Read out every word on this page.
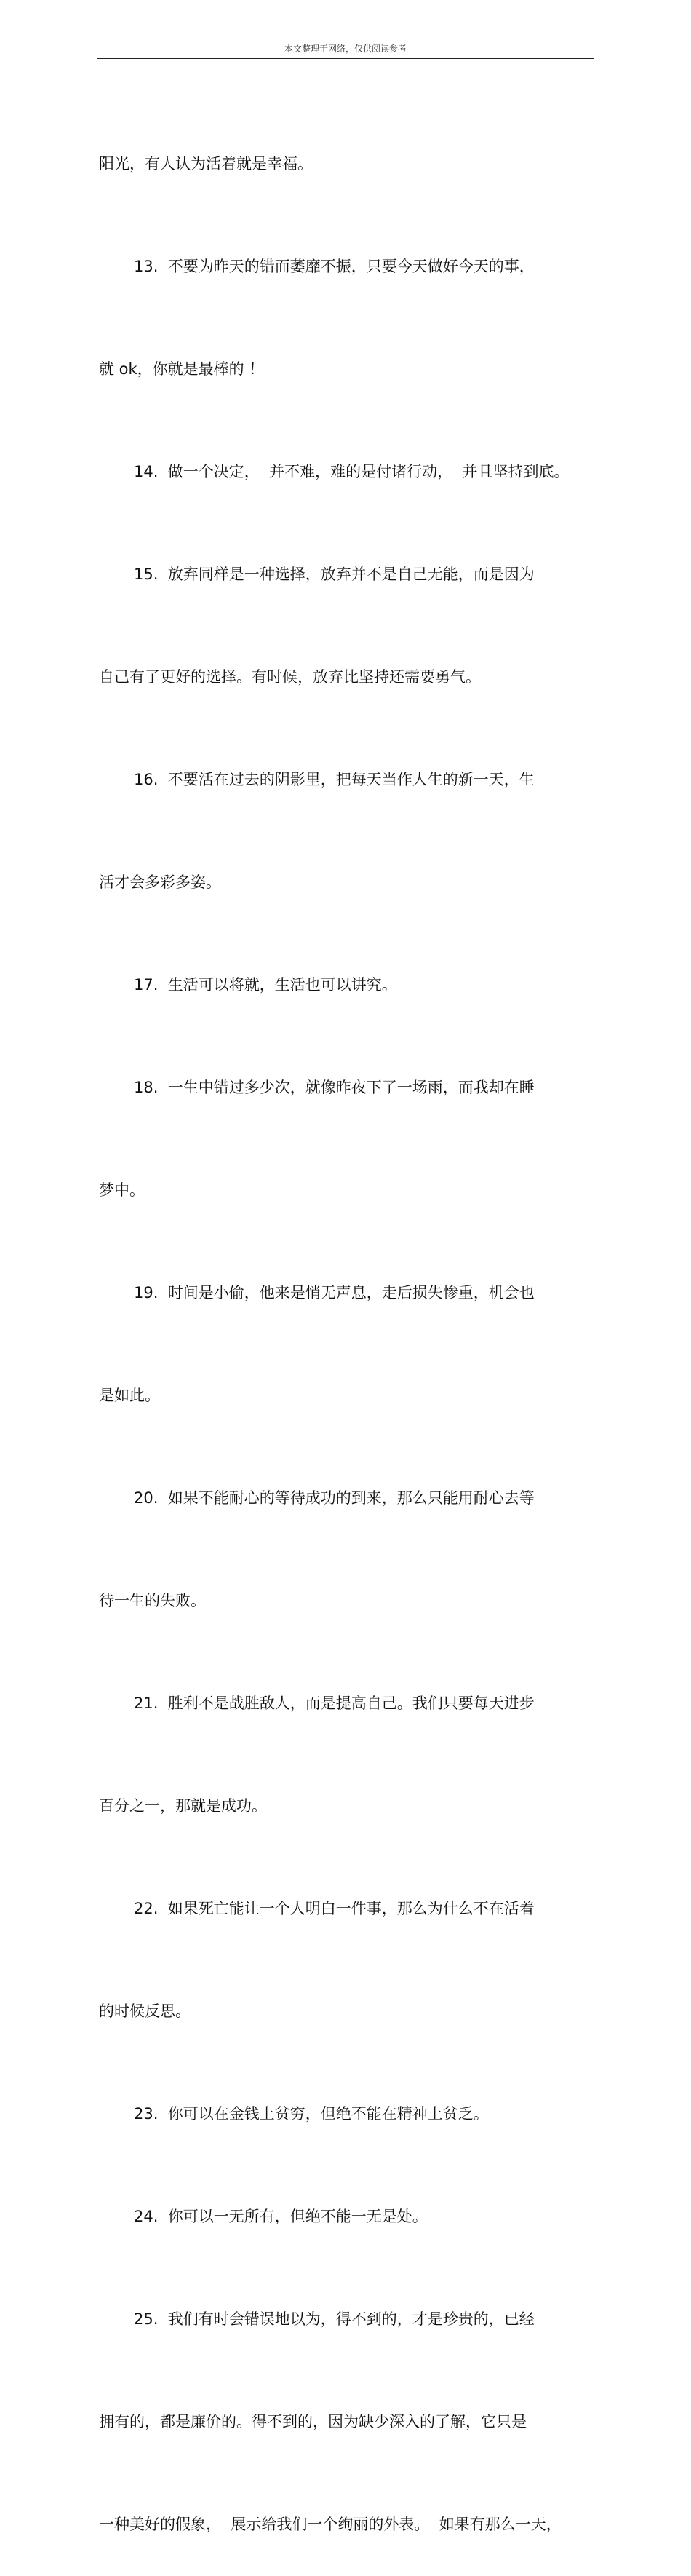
本文整理于网络，仅供阅读参考

阳光，有人认为活着就是幸福。

13.  不要为昨天的错而萎靡不振，只要今天做好今天的事，

就 ok，你就是最棒的 ！

14.  做一个决定，  并不难，难的是付诸行动，  并且坚持到底。

15.  放弃同样是一种选择，放弃并不是自己无能，而是因为

自己有了更好的选择。有时候，放弃比坚持还需要勇气。

16.  不要活在过去的阴影里，把每天当作人生的新一天，生

活才会多彩多姿。

17.  生活可以将就，生活也可以讲究。

18.  一生中错过多少次，就像昨夜下了一场雨，而我却在睡

梦中。

19.  时间是小偷，他来是悄无声息，走后损失惨重，机会也

是如此。

20.  如果不能耐心的等待成功的到来，那么只能用耐心去等

待一生的失败。

21.  胜利不是战胜敌人，而是提高自己。我们只要每天进步

百分之一，那就是成功。

22.  如果死亡能让一个人明白一件事，那么为什么不在活着

的时候反思。

23.  你可以在金钱上贫穷，但绝不能在精神上贫乏。

24.  你可以一无所有，但绝不能一无是处。

25.  我们有时会错误地以为，得不到的，才是珍贵的，已经

拥有的，都是廉价的。得不到的，因为缺少深入的了解，它只是

一种美好的假象，  展示给我们一个绚丽的外表。  如果有那么一天，
